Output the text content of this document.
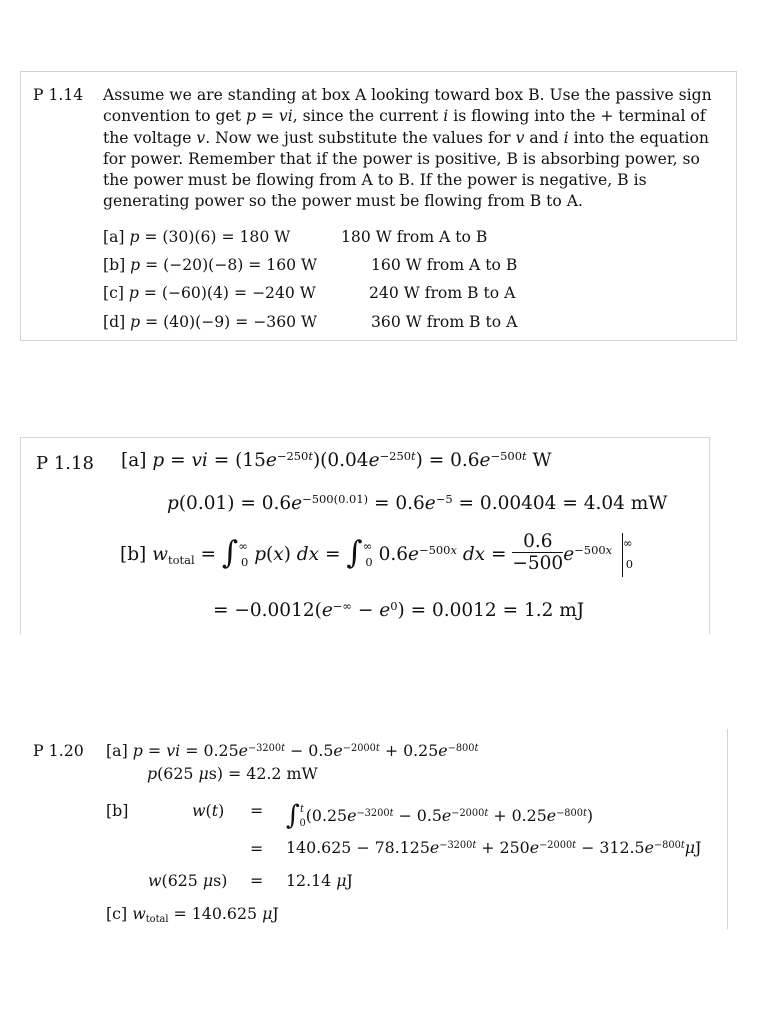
P 1.14 Assume we are standing at box A looking toward box B. Use the passive sign
convention to get p = vi, since the current i is flowing into the + terminal of
the voltage v. Now we just substitute the values for v and i into the equation
for power. Remember that if the power is positive, B is absorbing power, so
the power must be flowing from A to B. If the power is negative, B is
generating power so the power must be flowing from B to A.
[a] p = (30)(6) = 180 W	180 W from A to B
[b] p = (−20)(−8) = 160 W	160 W from A to B
[c] p = (−60)(4) = −240 W	240 W from B to A
[d] p = (40)(−9) = −360 W	360 W from B to A
P 1.18 [a] p = vi = $(15e^{-250t})(0.04e^{-250t}) = 0.6e^{-500t}$ W
$p(0.01) = 0.6e^{-500(0.01)} = 0.6e^{-5} = 0.00404 = 4.04$ mW
[b] $w_{total} = \int^\infty_0$ p(x) dx = $\int^\infty_0$ $0.6e^{-500x}$ dx = $\frac{0.6}{-500} e^{-500x}$ ∞$_0$
= $-0.0012(e^{-\infty} - e^0) = 0.0012 = 1.2$ mJ
P 1.20 [a] p = vi = $0.25e^{-3200t} - 0.5e^{-2000t} + 0.25e^{-800t}$
p(625 μs) = 42.2 mW
[b]	$w(t) = \int^t_0(0.25e^{-3200t} - 0.5e^{-2000t} + 0.25e^{-800t})$
= $140.625 - 78.125e^{-3200t} + 250e^{-2000t} - 312.5e^{-800t}\mu J$
w(625 μs) = 12.14 μJ
[c] $w_{total} = 140.625$ μJ
